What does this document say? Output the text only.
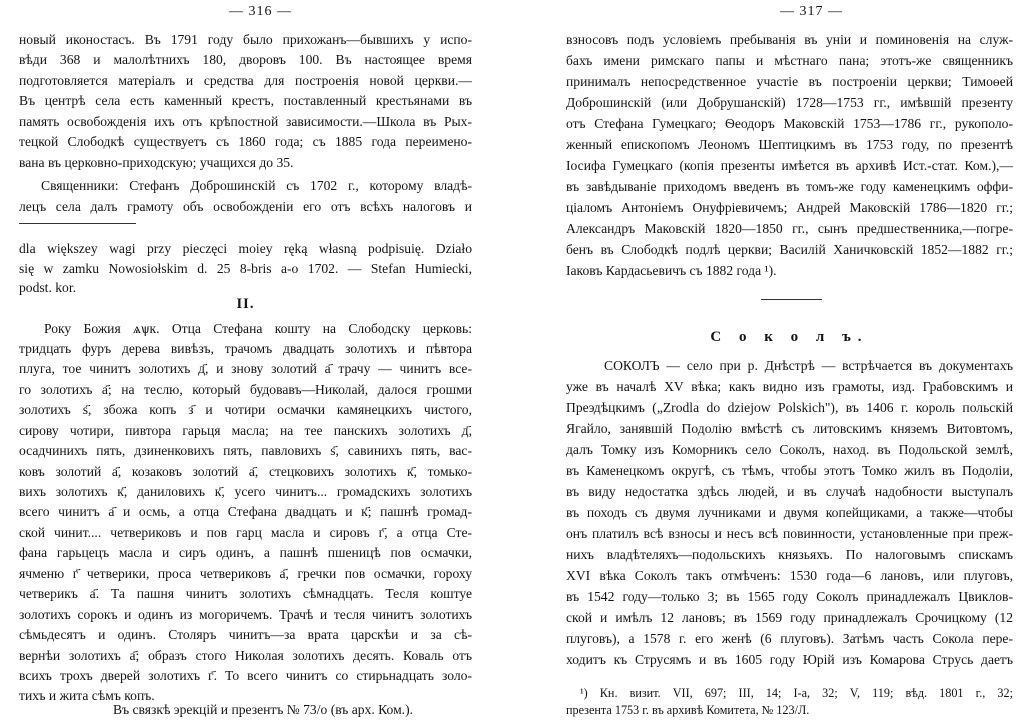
— 316 —
новый иконостасъ. Въ 1791 году было прихожанъ—бывшихъ у испо-
вѣди 368 и малолѣтнихъ 180, дворовъ 100. Въ настоящее время
подготовляется матеріалъ и средства для построенія новой церкви.—
Въ центрѣ села есть каменный крестъ, поставленный крестьянами въ
память освобожденія ихъ отъ крѣпостной зависимости.—Школа въ Рых-
тецкой Слободкѣ существуетъ съ 1860 года; съ 1885 года переимено-
вана въ церковно-приходскую; учащихся до 35.
Священники: Стефанъ Доброшинскій съ 1702 г., которому владѣ-
лецъ села далъ грамоту объ освобожденіи его отъ всѣхъ налоговъ и
dla większey wagi przy pieczęci moiey ręką własną podpisuię. Działo
się w zamku Nowosiołskim d. 25 8-bris a-o 1702. — Stefan Humiecki,
podst. kor.
II.
Року Божия ѧѱк. Отца Стефана кошту на Слободску церковь:
тридцать фуръ дерева вивѣзъ, трачомъ двадцать золотихъ и пѣвтора
плуга, тое чинитъ золотихъ д҃, и знову золотий а҃ трачу — чинитъ все-
го золотихъ а҃; на теслю, который будовавъ—Николай, далося грошми
золотихъ ѕ҃, збожа копъ з҃ и чотири осмачки камянецкихъ чистого,
сирову чотири, пивтора гарьця масла; на тее панскихъ золотихъ д҃,
осадчинихъ пять, дзиненковихъ пять, павловихъ ѕ҃, савиниxъ пять, вас-
ковъ золотий а҃, козаковъ золотий а҃, стецковихъ золотихъ к҃, томько-
вихъ золотихъ к҃, даниловихъ к҃, усего чинитъ... громадскихъ золотихъ
всего чинитъ а҃ и осмь, а отца Стефана двадцать и к҃; пашнѣ громад-
ской чинит.... четвериковъ и пов гарц масла и сировъ г҃, а отца Сте-
фана гарьцецъ масла и сиръ одинъ, а пашнѣ пшеницѣ пов осмачки,
ячменю г҃ четверики, проса четвериковъ а҃, гречки пов осмачки, гороху
четверикъ а҃. Та пашня чинитъ золотихъ сѣмнадцать. Тесля коштуе
золотихъ сорокъ и одинъ из могоричемъ. Трачѣ и тесля чинитъ золотихъ
сѣмьдесятъ и одинъ. Столяръ чинитъ—за врата царскѣи и за сѣ-
вернѣи золотихъ а҃; образъ стого Николая золотихъ десять. Коваль отъ
всихъ трохъ дверей золотихъ г҃. То всего чинитъ со стирьнадцать золо-
тихъ и жита сѣмъ копъ.
Въ связкѣ эрекцій и презентъ № 73/о (въ арх. Ком.).
— 317 —
взносовъ подъ условіемъ пребыванія въ уніи и поминовенія на служ-
бахъ имени римскаго папы и мѣстнаго пана; этотъ-же священникъ
принималъ непосредственное участіе въ построеніи церкви; Тимоѳей
Доброшинскій (или Добрушанскій) 1728—1753 гг., имѣвшій презенту
отъ Стефана Гумецкаго; Ѳеодоръ Маковскій 1753—1786 гг., рукополо-
женный епископомъ Леономъ Шептицкимъ въ 1753 году, по презентѣ
Іосифа Гумецкаго (копія презенты имѣется въ архивѣ Ист.-стат. Ком.),—
въ завѣдываніе приходомъ введенъ въ томъ-же году каменецкимъ оффи-
ціаломъ Антоніемъ Онуфріевичемъ; Андрей Маковскій 1786—1820 гг.;
Александръ Маковскій 1820—1850 гг., сынъ предшественника,—погре-
бенъ въ Слободкѣ подлѣ церкви; Василій Ханичковскій 1852—1882 гг.;
Іаковъ Кардасьевичъ съ 1882 года ¹).
С о к о л ъ.
СОКОЛЪ — село при р. Днѣстрѣ — встрѣчается въ документахъ
уже въ началѣ XV вѣка; какъ видно изъ грамоты, изд. Грабовскимъ и
Преэдѣцкимъ („Zrodla do dziejow Polskich"), въ 1406 г. король польскій
Ягайло, занявшій Подолію вмѣстѣ съ литовскимъ княземъ Витовтомъ,
далъ Томку изъ Коморникъ село Соколъ, наход. въ Подольской землѣ,
въ Каменецкомъ округѣ, съ тѣмъ, чтобы этотъ Томко жилъ въ Подоліи,
въ виду недостатка здѣсь людей, и въ случаѣ надобности выступалъ
въ походъ съ двумя лучниками и двумя копейщиками, а также—чтобы
онъ платилъ всѣ взносы и несъ всѣ повинности, установленные при преж-
нихъ владѣтеляхъ—подольскихъ князьяхъ. По налоговымъ спискамъ
XVI вѣка Соколъ такъ отмѣченъ: 1530 года—6 лановъ, или плуговъ,
въ 1542 году—только 3; въ 1565 году Соколъ принадлежалъ Цвиклов-
ской и имѣлъ 12 лановъ; въ 1569 году принадлежалъ Срочицкому (12
плуговъ), а 1578 г. его женѣ (6 плуговъ). Затѣмъ часть Сокола перe-
ходитъ къ Струсямъ и въ 1605 году Юрій изъ Комарова Струсь даетъ
¹) Кн. визит. VII, 697; III, 14; I-а, 32; V, 119; вѣд. 1801 г., 32;
презента 1753 г. въ архивѣ Комитета, № 123/Л.
